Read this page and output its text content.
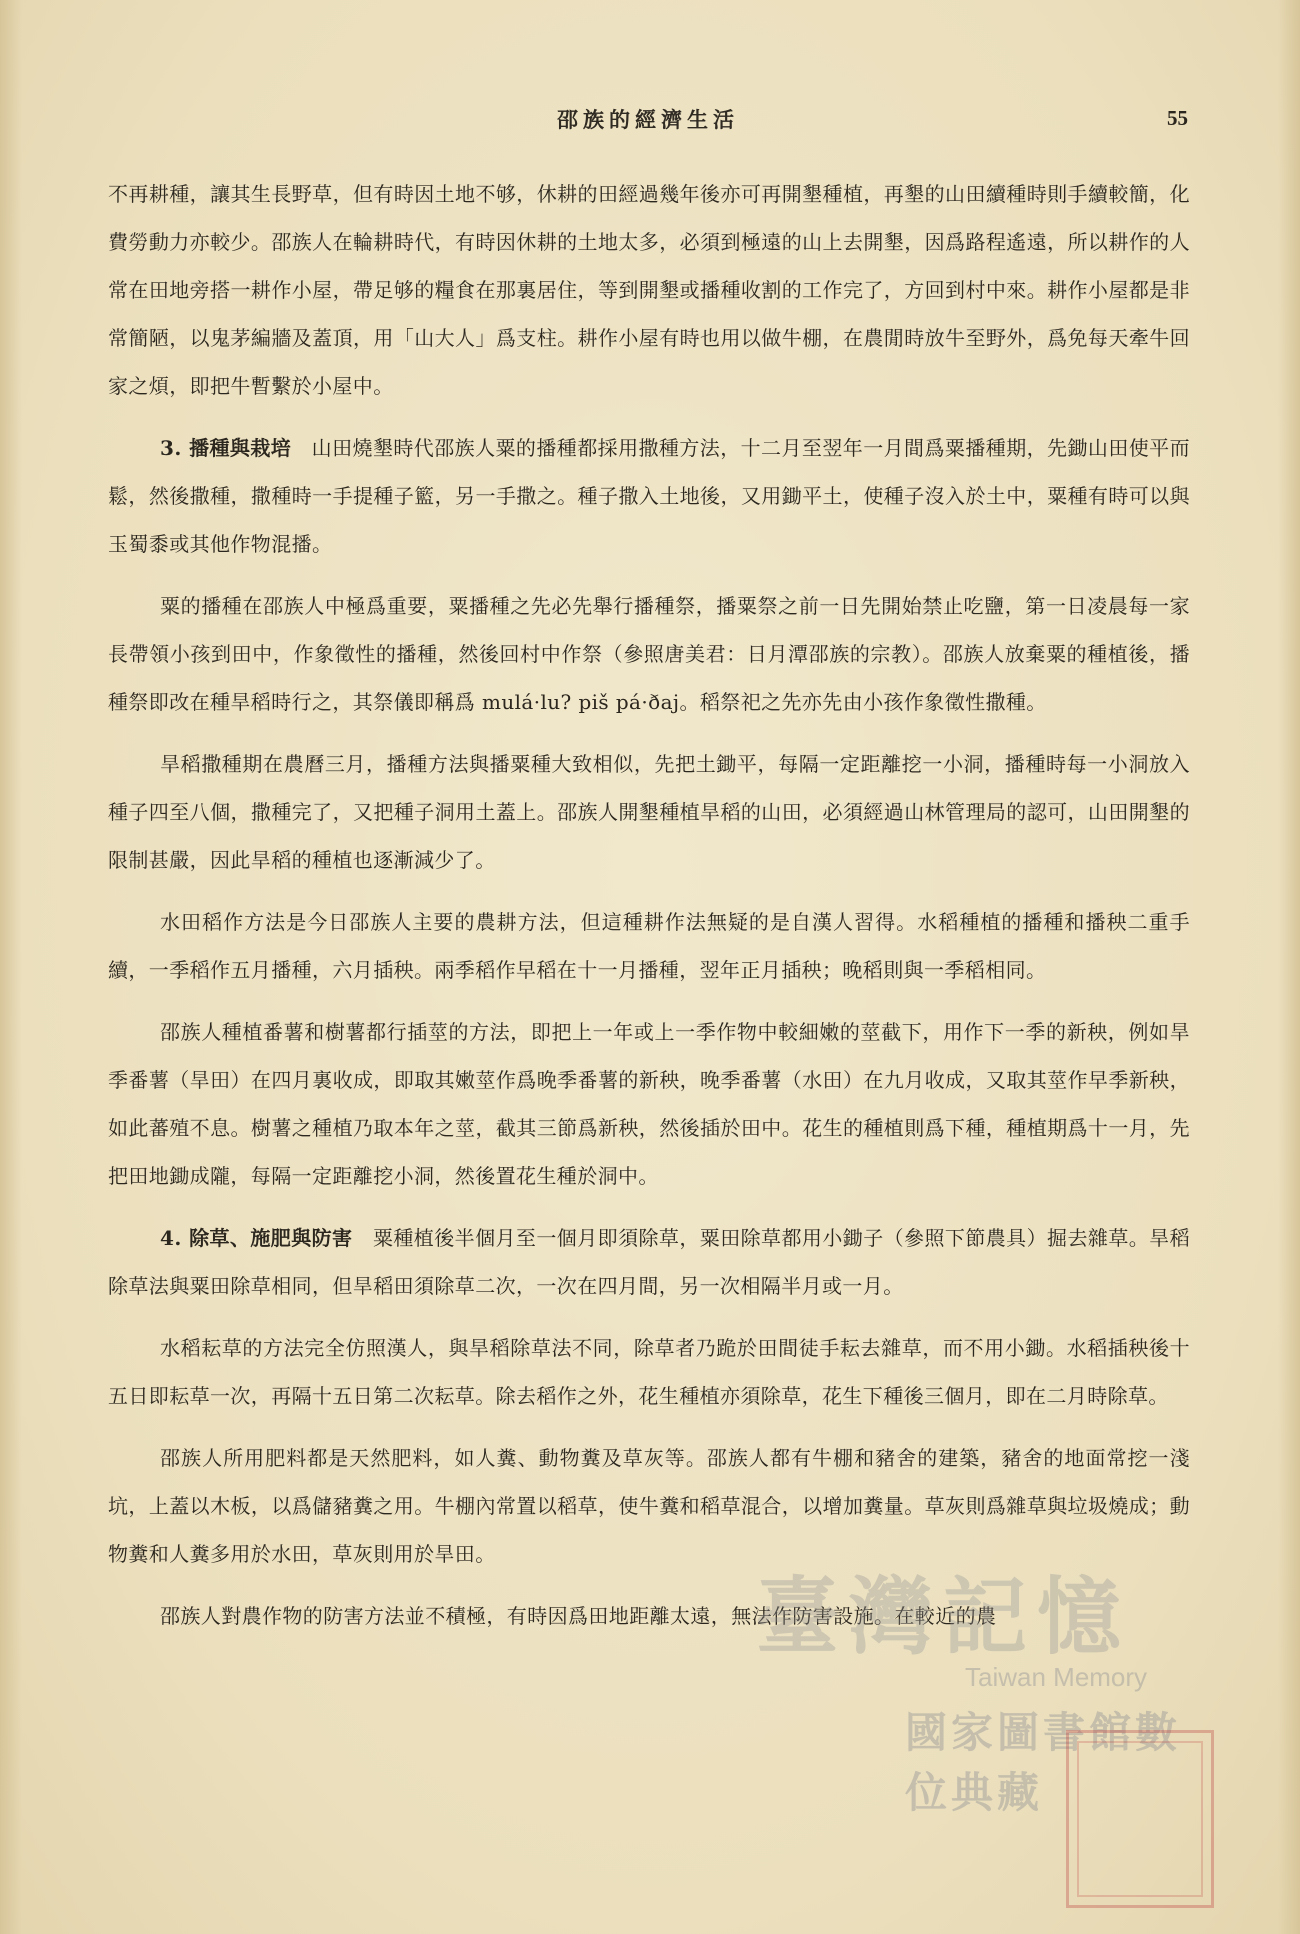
邵族的經濟生活	55

不再耕種，讓其生長野草，但有時因土地不够，休耕的田經過幾年後亦可再開墾種植，再墾的山田續種時則手續較簡，化費勞動力亦較少。邵族人在輪耕時代，有時因休耕的土地太多，必須到極遠的山上去開墾，因爲路程遙遠，所以耕作的人常在田地旁搭一耕作小屋，帶足够的糧食在那裏居住，等到開墾或播種收割的工作完了，方回到村中來。耕作小屋都是非常簡陋，以鬼茅編牆及蓋頂，用「山大人」爲支柱。耕作小屋有時也用以做牛棚，在農閒時放牛至野外，爲免每天牽牛回家之煩，即把牛暫繫於小屋中。

3. 播種與栽培　 山田燒墾時代邵族人粟的播種都採用撒種方法，十二月至翌年一月間爲粟播種期，先鋤山田使平而鬆，然後撒種，撒種時一手提種子籃，另一手撒之。種子撒入土地後，又用鋤平土，使種子沒入於土中，粟種有時可以與玉蜀黍或其他作物混播。

粟的播種在邵族人中極爲重要，粟播種之先必先舉行播種祭，播粟祭之前一日先開始禁止吃鹽，第一日凌晨每一家長帶領小孩到田中，作象徵性的播種，然後回村中作祭（參照唐美君：日月潭邵族的宗教）。邵族人放棄粟的種植後，播種祭即改在種旱稻時行之，其祭儀即稱爲 mulá·lu? piš pá·ðaj。稻祭祀之先亦先由小孩作象徵性撒種。

旱稻撒種期在農曆三月，播種方法與播粟種大致相似，先把土鋤平，每隔一定距離挖一小洞，播種時每一小洞放入種子四至八個，撒種完了，又把種子洞用土蓋上。邵族人開墾種植旱稻的山田，必須經過山林管理局的認可，山田開墾的限制甚嚴，因此旱稻的種植也逐漸減少了。

水田稻作方法是今日邵族人主要的農耕方法，但這種耕作法無疑的是自漢人習得。水稻種植的播種和播秧二重手續，一季稻作五月播種，六月插秧。兩季稻作早稻在十一月播種，翌年正月插秧；晚稻則與一季稻相同。

邵族人種植番薯和樹薯都行插莖的方法，即把上一年或上一季作物中較細嫩的莖截下，用作下一季的新秧，例如旱季番薯（旱田）在四月裏收成，即取其嫩莖作爲晚季番薯的新秧，晚季番薯（水田）在九月收成，又取其莖作早季新秧，如此蕃殖不息。樹薯之種植乃取本年之莖，截其三節爲新秧，然後插於田中。花生的種植則爲下種，種植期爲十一月，先把田地鋤成隴，每隔一定距離挖小洞，然後置花生種於洞中。

4. 除草、施肥與防害　 粟種植後半個月至一個月即須除草，粟田除草都用小鋤子（參照下節農具）掘去雜草。旱稻除草法與粟田除草相同，但旱稻田須除草二次，一次在四月間，另一次相隔半月或一月。

水稻耘草的方法完全仿照漢人，與旱稻除草法不同，除草者乃跪於田間徒手耘去雜草，而不用小鋤。水稻插秧後十五日即耘草一次，再隔十五日第二次耘草。除去稻作之外，花生種植亦須除草，花生下種後三個月，即在二月時除草。

邵族人所用肥料都是天然肥料，如人糞、動物糞及草灰等。邵族人都有牛棚和豬舍的建築，豬舍的地面常挖一淺坑，上蓋以木板，以爲儲豬糞之用。牛棚內常置以稻草，使牛糞和稻草混合，以增加糞量。草灰則爲雜草與垃圾燒成；動物糞和人糞多用於水田，草灰則用於旱田。

邵族人對農作物的防害方法並不積極，有時因爲田地距離太遠，無法作防害設施。在較近的農

臺灣記憶
Taiwan Memory
國家圖書館數位典藏
